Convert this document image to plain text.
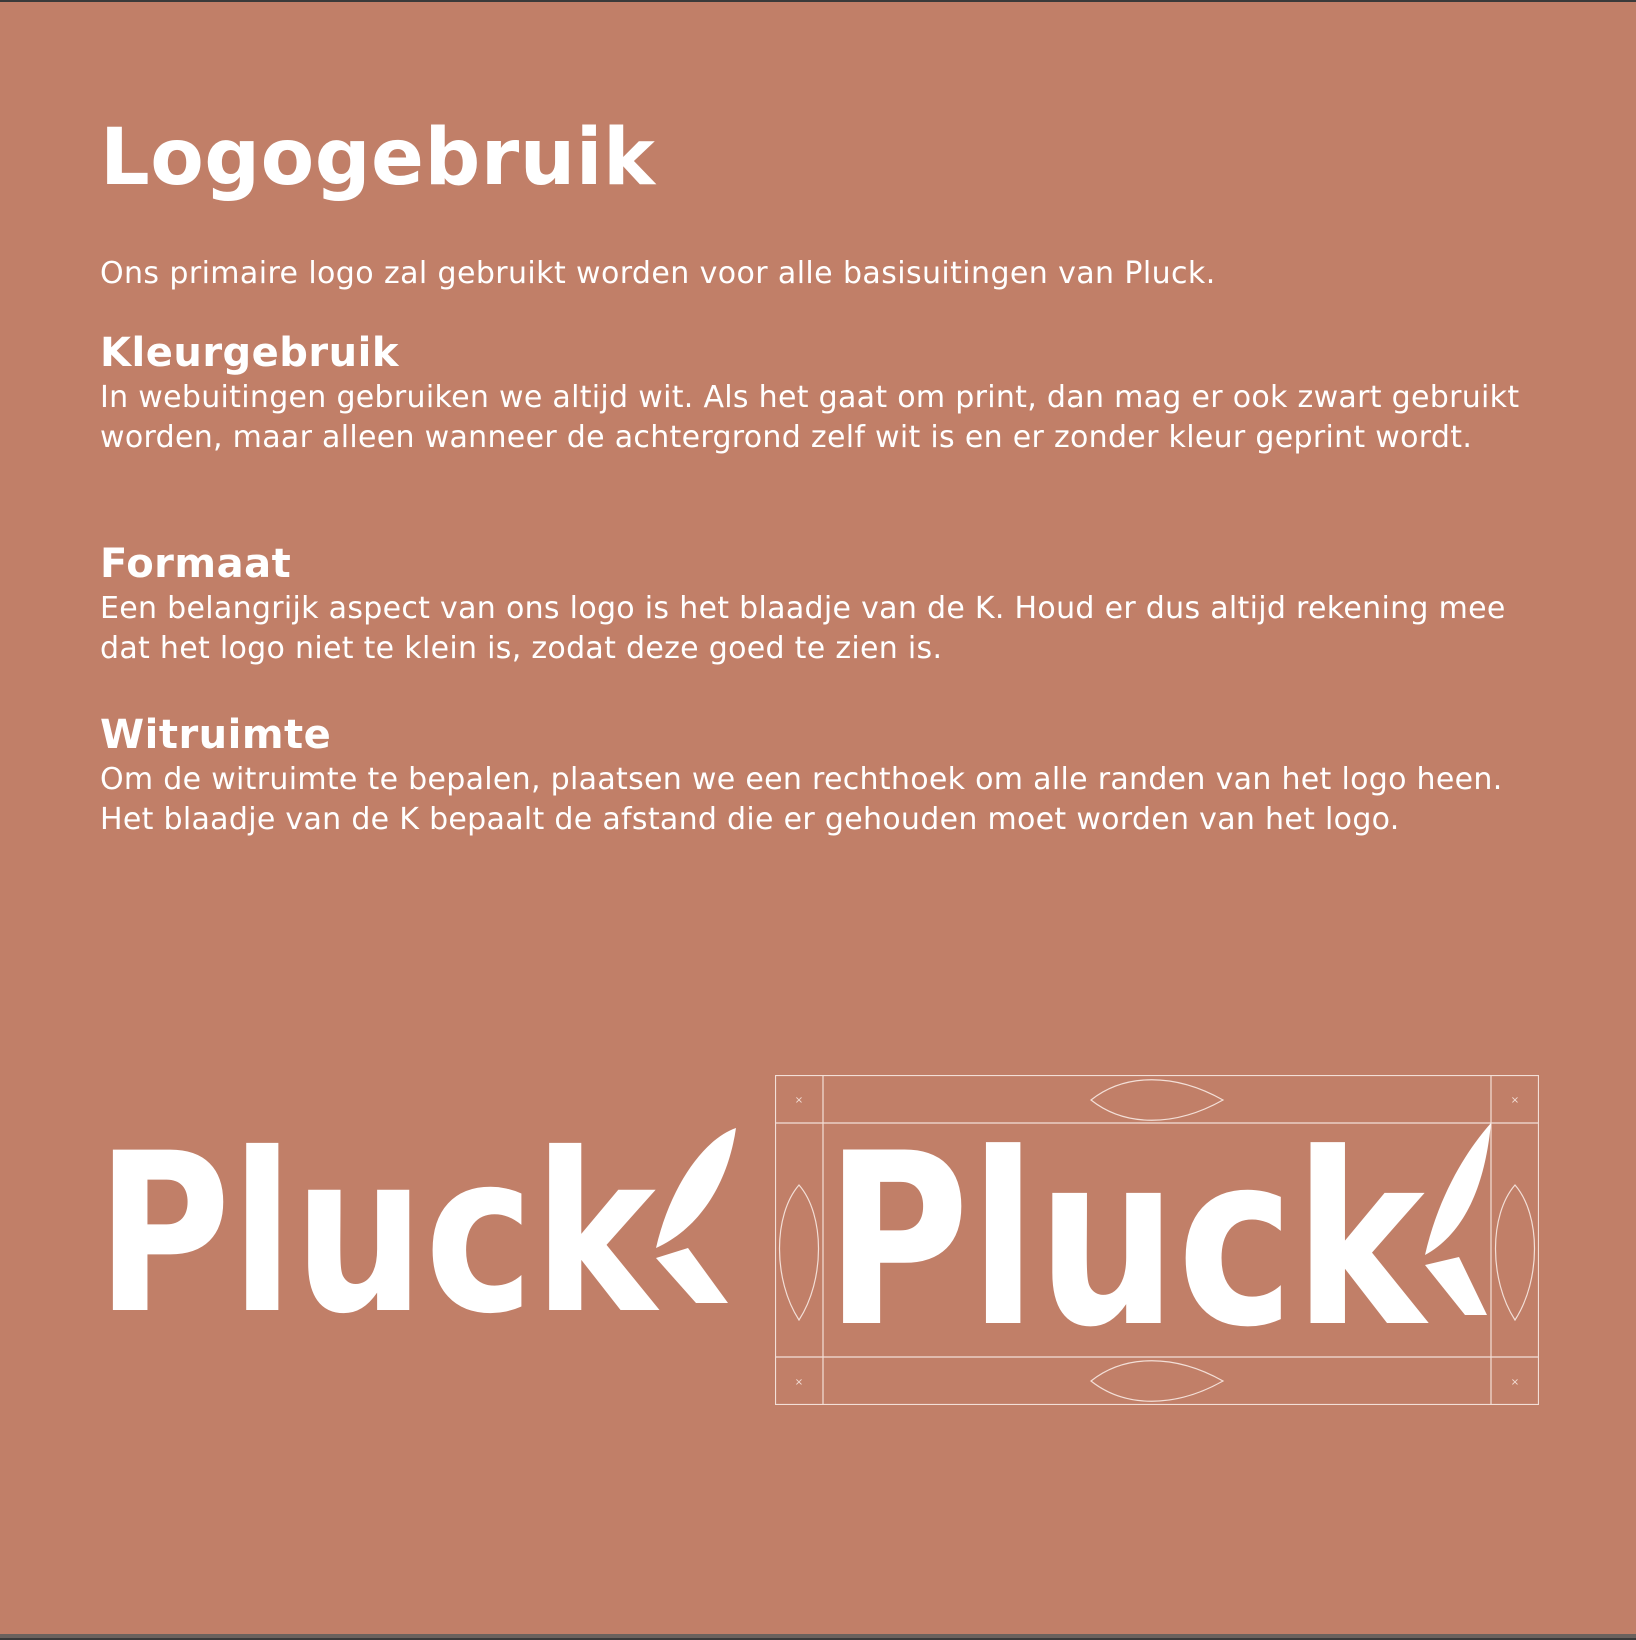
Logogebruik

Ons primaire logo zal gebruikt worden voor alle basisuitingen van Pluck.

Kleurgebruik

In webuitingen gebruiken we altijd wit. Als het gaat om print, dan mag er ook zwart gebruikt worden, maar alleen wanneer de achtergrond zelf wit is en er zonder kleur geprint wordt.

Formaat

Een belangrijk aspect van ons logo is het blaadje van de K. Houd er dus altijd rekening mee dat het logo niet te klein is, zodat deze goed te zien is.

Witruimte

Om de witruimte te bepalen, plaatsen we een rechthoek om alle randen van het logo heen. Het blaadje van de K bepaalt de afstand die er gehouden moet worden van het logo.

Pluck
×	×
×	×
Pluck
